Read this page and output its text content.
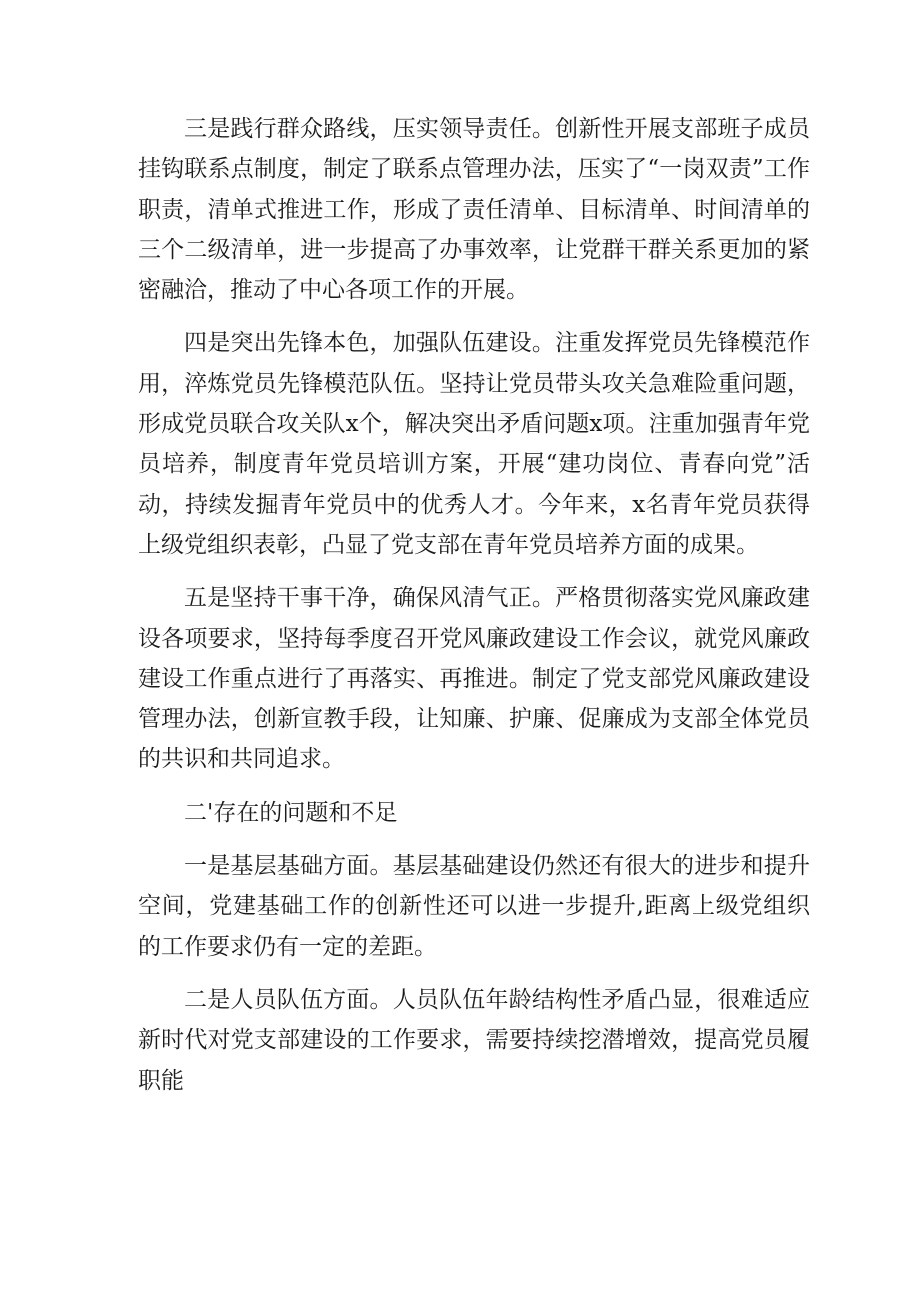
三是践行群众路线，压实领导责任。创新性开展支部班子成员挂钩联系点制度，制定了联系点管理办法，压实了“一岗双责”工作职责，清单式推进工作，形成了责任清单、目标清单、时间清单的三个二级清单，进一步提高了办事效率，让党群干群关系更加的紧密融洽，推动了中心各项工作的开展。

四是突出先锋本色，加强队伍建设。注重发挥党员先锋模范作用，淬炼党员先锋模范队伍。坚持让党员带头攻关急难险重问题，形成党员联合攻关队x个，解决突出矛盾问题x项。注重加强青年党员培养，制度青年党员培训方案，开展“建功岗位、青春向党”活动，持续发掘青年党员中的优秀人才。今年来，x名青年党员获得上级党组织表彰，凸显了党支部在青年党员培养方面的成果。

五是坚持干事干净，确保风清气正。严格贯彻落实党风廉政建设各项要求，坚持每季度召开党风廉政建设工作会议，就党风廉政建设工作重点进行了再落实、再推进。制定了党支部党风廉政建设管理办法，创新宣教手段，让知廉、护廉、促廉成为支部全体党员的共识和共同追求。

二'存在的问题和不足

一是基层基础方面。基层基础建设仍然还有很大的进步和提升空间，党建基础工作的创新性还可以进一步提升,距离上级党组织的工作要求仍有一定的差距。

二是人员队伍方面。人员队伍年龄结构性矛盾凸显，很难适应新时代对党支部建设的工作要求，需要持续挖潜增效，提高党员履职能
